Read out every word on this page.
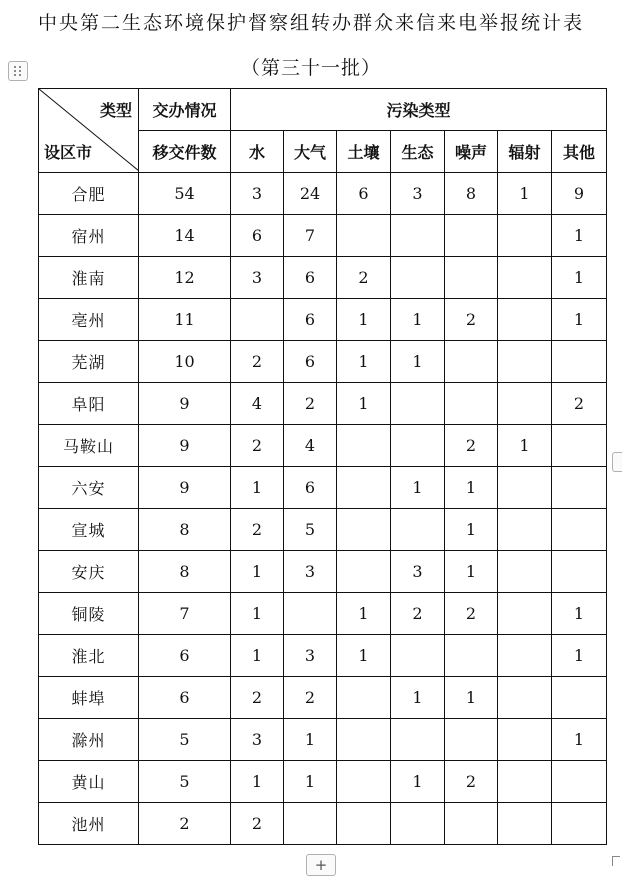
中央第二生态环境保护督察组转办群众来信来电举报统计表
（第三十一批）
类型
设区市	交办情况	污染类型						
	移交件数	水	大气	土壤	生态	噪声	辐射	其他
合肥	54	3	24	6	3	8	1	9
宿州	14	6	7					1
淮南	12	3	6	2				1
亳州	11		6	1	1	2		1
芜湖	10	2	6	1	1			
阜阳	9	4	2	1				2
马鞍山	9	2	4			2	1	
六安	9	1	6		1	1		
宣城	8	2	5			1		
安庆	8	1	3		3	1		
铜陵	7	1		1	2	2		1
淮北	6	1	3	1				1
蚌埠	6	2	2		1	1		
滁州	5	3	1					1
黄山	5	1	1		1	2		
池州	2	2						
+
